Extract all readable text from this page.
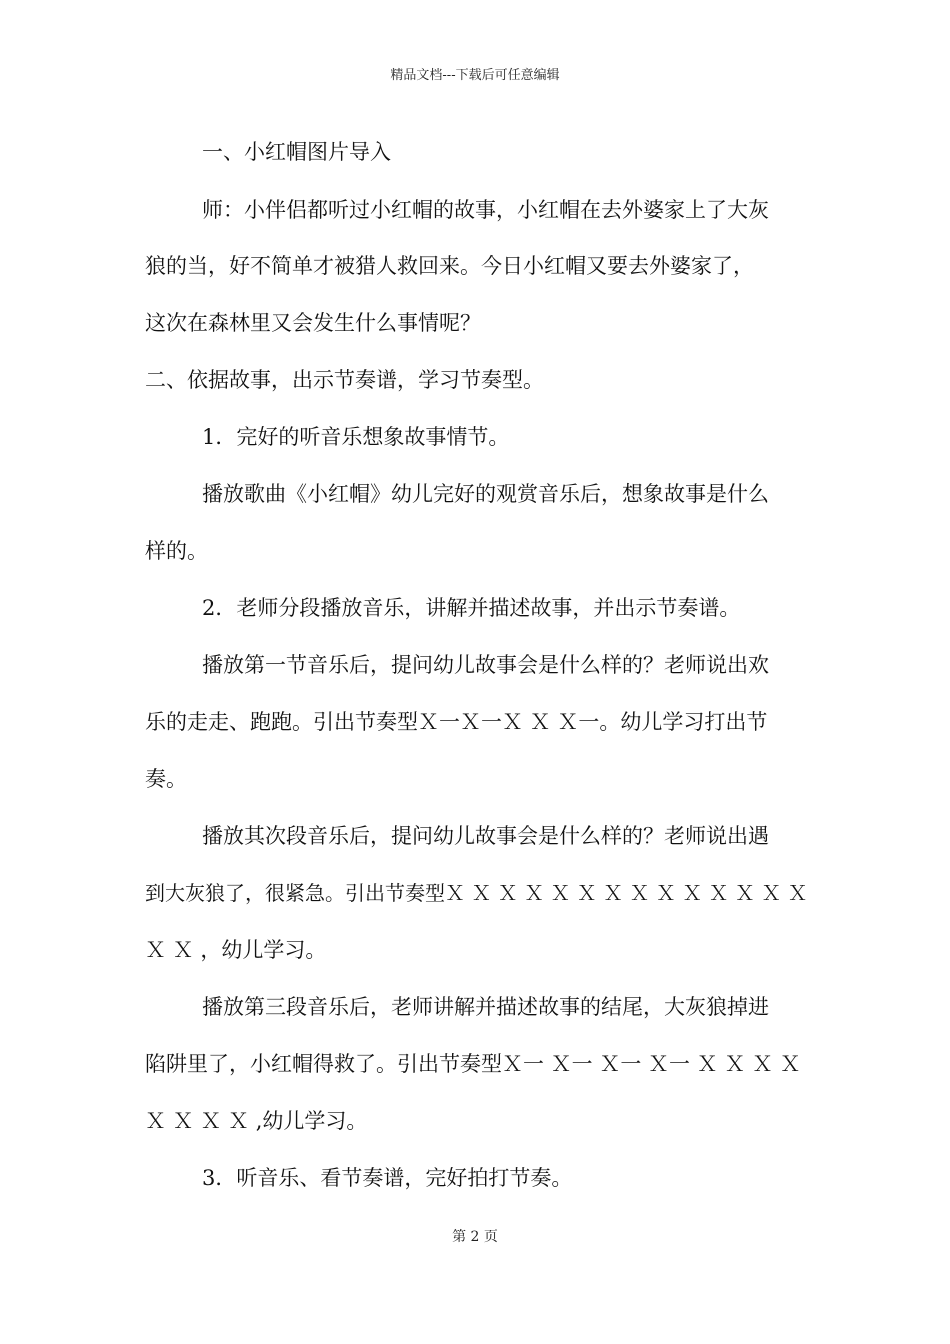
精品文档---下载后可任意编辑
一、小红帽图片导入
师：小伴侣都听过小红帽的故事，小红帽在去外婆家上了大灰
狼的当，好不简单才被猎人救回来。今日小红帽又要去外婆家了，
这次在森林里又会发生什么事情呢？
二、依据故事，出示节奏谱，学习节奏型。
1．完好的听音乐想象故事情节。
播放歌曲《小红帽》幼儿完好的观赏音乐后，想象故事是什么
样的。
2．老师分段播放音乐，讲解并描述故事，并出示节奏谱。
播放第一节音乐后，提问幼儿故事会是什么样的？老师说出欢
乐的走走、跑跑。引出节奏型Ｘ一Ｘ一Ｘ Ｘ Ｘ一。幼儿学习打出节
奏。
播放其次段音乐后，提问幼儿故事会是什么样的？老师说出遇
到大灰狼了，很紧急。引出节奏型Ｘ Ｘ Ｘ Ｘ Ｘ Ｘ Ｘ Ｘ Ｘ Ｘ Ｘ Ｘ Ｘ Ｘ
Ｘ Ｘ ，幼儿学习。
播放第三段音乐后，老师讲解并描述故事的结尾，大灰狼掉进
陷阱里了，小红帽得救了。引出节奏型Ｘ一 Ｘ一 Ｘ一 Ｘ一 Ｘ Ｘ Ｘ Ｘ
Ｘ Ｘ Ｘ Ｘ ,幼儿学习。
3．听音乐、看节奏谱，完好拍打节奏。
第 2 页
